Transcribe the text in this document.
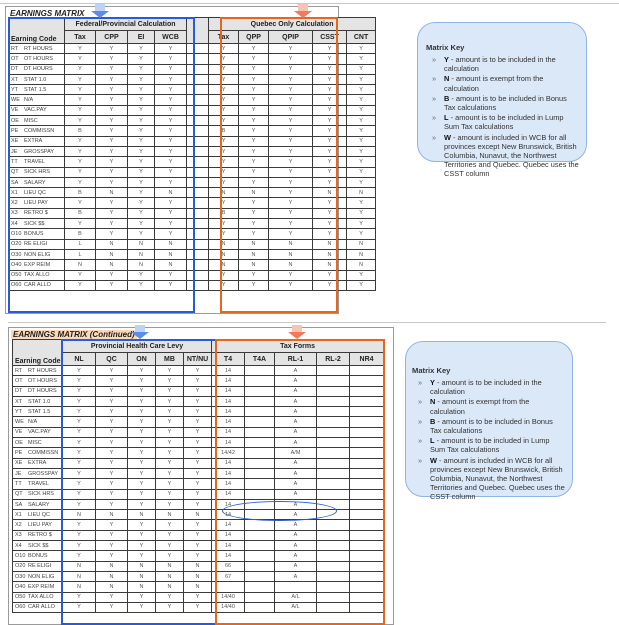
EARNINGS MATRIX
Earning Code	Federal/Provincial Calculation					Quebec Only Calculation				
	Tax	CPP	EI	WCB		Tax	QPP	QPIP	CSST	CNT
RT RT HOURS	Y	Y	Y	Y		Y	Y	Y	Y	Y
OT OT HOURS	Y	Y	Y	Y		Y	Y	Y	Y	Y
DT DT HOURS	Y	Y	Y	Y		Y	Y	Y	Y	Y
XT STAT 1.0	Y	Y	Y	Y		Y	Y	Y	Y	Y
YT STAT 1.5	Y	Y	Y	Y		Y	Y	Y	Y	Y
WE N/A	Y	Y	Y	Y		Y	Y	Y	Y	Y
VE VAC.PAY	Y	Y	Y	Y		Y	Y	Y	Y	Y
OE MISC	Y	Y	Y	Y		Y	Y	Y	Y	Y
PE COMMISSN	B	Y	Y	Y		B	Y	Y	Y	Y
XE EXTRA	Y	Y	Y	Y		Y	Y	Y	Y	Y
JE GROSSPAY	Y	Y	Y	Y		Y	Y	Y	Y	Y
TT TRAVEL	Y	Y	Y	Y		Y	Y	Y	Y	Y
QT SICK HRS	Y	Y	Y	Y		Y	Y	Y	Y	Y
SA SALARY	Y	Y	Y	Y		Y	Y	Y	Y	Y
X1 LIEU QC	B	N	Y	N		N	N	Y	N	N
X2 LIEU PAY	Y	Y	Y	Y		Y	Y	Y	Y	Y
X3 RETRO $	B	Y	Y	Y		B	Y	Y	Y	Y
X4 SICK $$	Y	Y	Y	Y		Y	Y	Y	Y	Y
O10 BONUS	B	Y	Y	Y		Y	Y	Y	Y	Y
O20 RE ELIGI	L	N	N	N		N	N	N	N	N
O30 NON ELIG	L	N	N	N		N	N	N	N	N
O40 EXP REIM	N	N	N	N		N	N	N	N	N
O50 TAX ALLO	Y	Y	Y	Y		Y	Y	Y	Y	Y
O60 CAR ALLO	Y	Y	Y	Y		Y	Y	Y	Y	Y
Matrix Key
» Y - amount is to be included in the calculation
» N - amount is exempt from the calculation
» B - amount is to be included in Bonus Tax calculations
» L - amount is to be included in Lump Sum Tax calculations
» W - amount is included in WCB for all provinces except New Brunswick, British Columbia, Nunavut, the Northwest Territories and Quebec. Quebec uses the CSST column
EARNINGS MATRIX (Continued)
Earning Code	Provincial Health Care Levy					Tax Forms				
	NL	QC	ON	MB	NT/NU	T4	T4A	RL-1	RL-2	NR4
RT RT HOURS	Y	Y	Y	Y	Y	14		A		
OT OT HOURS	Y	Y	Y	Y	Y	14		A		
DT DT HOURS	Y	Y	Y	Y	Y	14		A		
XT STAT 1.0	Y	Y	Y	Y	Y	14		A		
YT STAT 1.5	Y	Y	Y	Y	Y	14		A		
WE N/A	Y	Y	Y	Y	Y	14		A		
VE VAC.PAY	Y	Y	Y	Y	Y	14		A		
OE MISC	Y	Y	Y	Y	Y	14		A		
PE COMMISSN	Y	Y	Y	Y	Y	14/42		A/M		
XE EXTRA	Y	Y	Y	Y	Y	14		A		
JE GROSSPAY	Y	Y	Y	Y	Y	14		A		
TT TRAVEL	Y	Y	Y	Y	Y	14		A		
QT SICK HRS	Y	Y	Y	Y	Y	14		A		
SA SALARY	Y	Y	Y	Y	Y	14		A		
X1 LIEU QC	N	N	N	N	N	14		A		
X2 LIEU PAY	Y	Y	Y	Y	Y	14		A		
X3 RETRO $	Y	Y	Y	Y	Y	14		A		
X4 SICK $$	Y	Y	Y	Y	Y	14		A		
O10 BONUS	Y	Y	Y	Y	Y	14		A		
O20 RE ELIGI	N	N	N	N	N	66		A		
O30 NON ELIG	N	N	N	N	N	67		A		
O40 EXP REIM	N	N	N	N	N					
O50 TAX ALLO	Y	Y	Y	Y	Y	14/40		A/L		
O60 CAR ALLO	Y	Y	Y	Y	Y	14/40		A/L		
Matrix Key
» Y - amount is to be included in the calculation
» N - amount is exempt from the calculation
» B - amount is to be included in Bonus Tax calculations
» L - amount is to be included in Lump Sum Tax calculations
» W - amount is included in WCB for all provinces except New Brunswick, British Columbia, Nunavut, the Northwest Territories and Quebec. Quebec uses the CSST column
